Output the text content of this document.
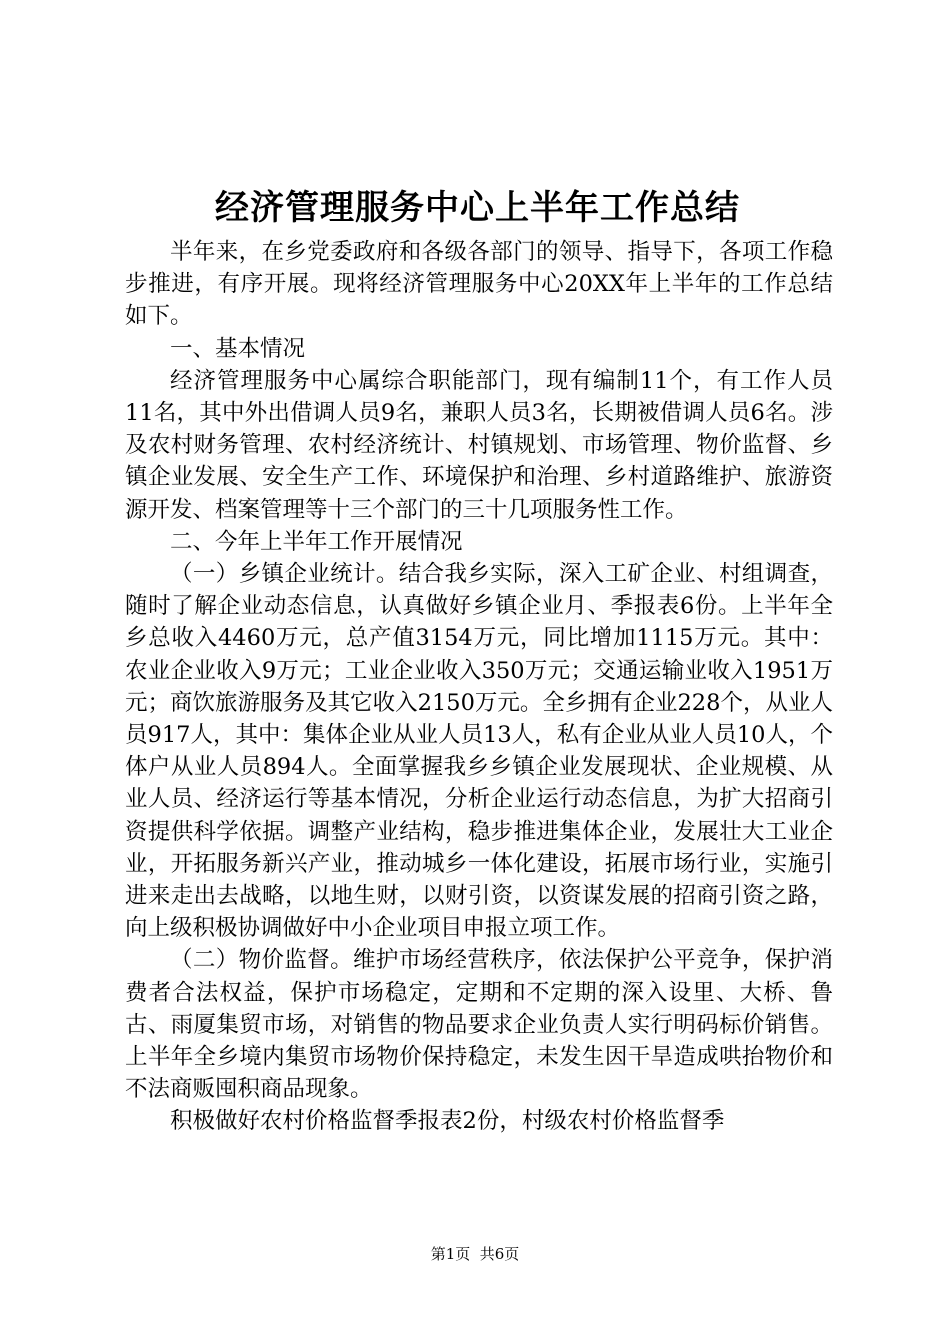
经济管理服务中心上半年工作总结

半年来，在乡党委政府和各级各部门的领导、指导下，各项工作稳步推进，有序开展。现将经济管理服务中心20XX年上半年的工作总结如下。

一、基本情况

经济管理服务中心属综合职能部门，现有编制11个，有工作人员11名，其中外出借调人员9名，兼职人员3名，长期被借调人员6名。涉及农村财务管理、农村经济统计、村镇规划、市场管理、物价监督、乡镇企业发展、安全生产工作、环境保护和治理、乡村道路维护、旅游资源开发、档案管理等十三个部门的三十几项服务性工作。

二、今年上半年工作开展情况

（一）乡镇企业统计。结合我乡实际，深入工矿企业、村组调查，随时了解企业动态信息，认真做好乡镇企业月、季报表6份。上半年全乡总收入4460万元，总产值3154万元，同比增加1115万元。其中：农业企业收入9万元；工业企业收入350万元；交通运输业收入1951万元；商饮旅游服务及其它收入2150万元。全乡拥有企业228个，从业人员917人，其中：集体企业从业人员13人，私有企业从业人员10人，个体户从业人员894人。全面掌握我乡乡镇企业发展现状、企业规模、从业人员、经济运行等基本情况，分析企业运行动态信息，为扩大招商引资提供科学依据。调整产业结构，稳步推进集体企业，发展壮大工业企业，开拓服务新兴产业，推动城乡一体化建设，拓展市场行业，实施引进来走出去战略，以地生财，以财引资，以资谋发展的招商引资之路，向上级积极协调做好中小企业项目申报立项工作。

（二）物价监督。维护市场经营秩序，依法保护公平竞争，保护消费者合法权益，保护市场稳定，定期和不定期的深入设里、大桥、鲁古、雨厦集贸市场，对销售的物品要求企业负责人实行明码标价销售。上半年全乡境内集贸市场物价保持稳定，未发生因干旱造成哄抬物价和不法商贩囤积商品现象。

积极做好农村价格监督季报表2份，村级农村价格监督季

第1页  共6页
